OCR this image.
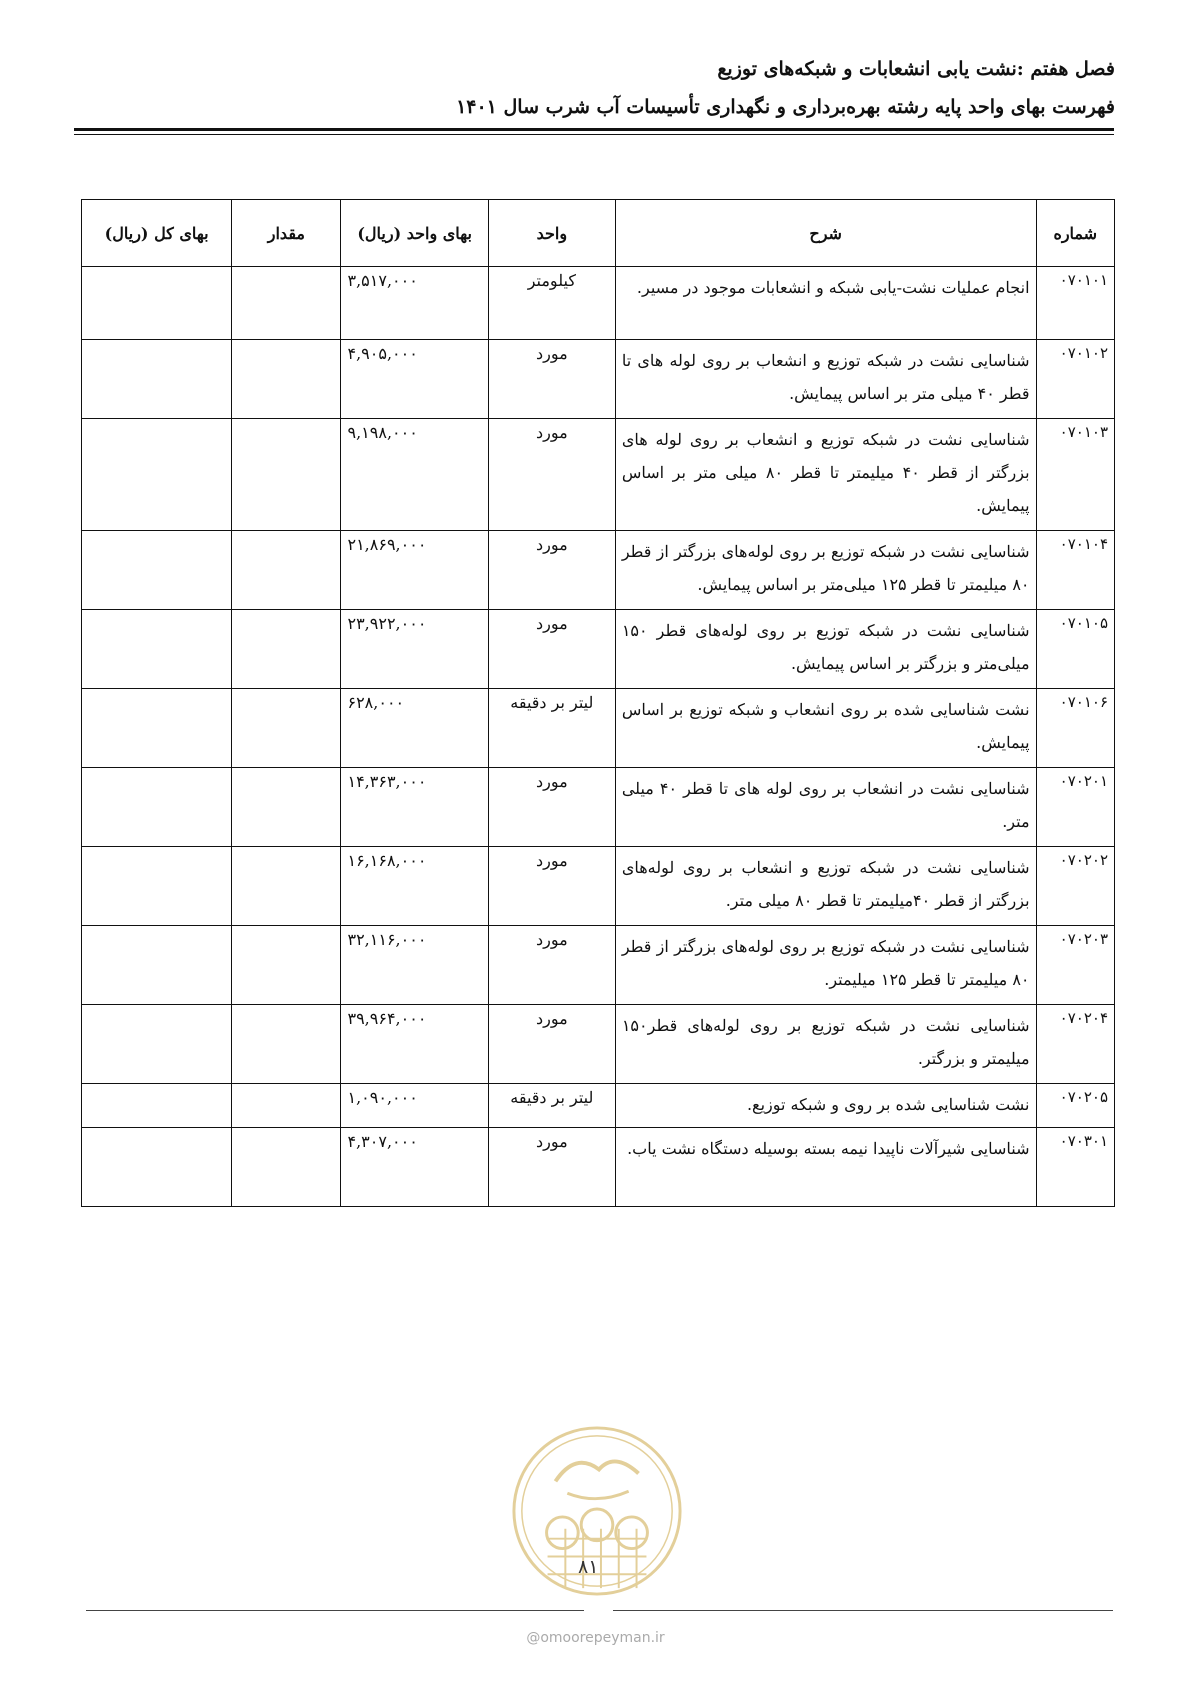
فصل هفتم :نشت یابی انشعابات و شبکه‌های توزیع
فهرست بهای واحد پایه رشته بهره‌برداری و نگهداری تأسیسات آب شرب سال ۱۴۰۱
شماره	شرح	واحد	بهای واحد (ریال)	مقدار	بهای کل (ریال)
۰۷۰۱۰۱	انجام عملیات نشت‌-‌یابی شبکه و انشعابات موجود در مسیر.	کیلومتر	۳,۵۱۷,۰۰۰		
۰۷۰۱۰۲	شناسایی نشت در شبکه توزیع و انشعاب بر روی لوله های تا قطر ۴۰ میلی متر بر اساس پیمایش.	مورد	۴,۹۰۵,۰۰۰		
۰۷۰۱۰۳	شناسایی نشت در شبکه توزیع و انشعاب بر روی لوله های بزرگتر از قطر ۴۰ میلیمتر تا قطر ۸۰ میلی متر بر اساس پیمایش.	مورد	۹,۱۹۸,۰۰۰		
۰۷۰۱۰۴	شناسایی نشت در شبکه توزیع بر روی لوله‌های بزرگتر از قطر ۸۰ میلیمتر تا قطر ۱۲۵ میلی‌متر بر اساس پیمایش.	مورد	۲۱,۸۶۹,۰۰۰		
۰۷۰۱۰۵	شناسایی نشت در شبکه توزیع بر روی لوله‌های قطر ۱۵۰ میلی‌متر و بزرگتر بر اساس پیمایش.	مورد	۲۳,۹۲۲,۰۰۰		
۰۷۰۱۰۶	نشت شناسایی شده بر روی انشعاب و شبکه توزیع بر اساس پیمایش.	لیتر بر دقیقه	۶۲۸,۰۰۰		
۰۷۰۲۰۱	شناسایی نشت در انشعاب بر روی لوله های تا قطر ۴۰ میلی متر.	مورد	۱۴,۳۶۳,۰۰۰		
۰۷۰۲۰۲	شناسایی نشت در شبکه توزیع و انشعاب بر روی لوله‌های بزرگتر از قطر ۴۰میلیمتر تا قطر ۸۰ میلی متر.	مورد	۱۶,۱۶۸,۰۰۰		
۰۷۰۲۰۳	شناسایی نشت در شبکه توزیع بر روی لوله‌های بزرگتر از قطر ۸۰ میلیمتر تا قطر ۱۲۵ میلیمتر.	مورد	۳۲,۱۱۶,۰۰۰		
۰۷۰۲۰۴	شناسایی نشت در شبکه توزیع بر روی لوله‌های قطر۱۵۰ میلیمتر و بزرگتر.	مورد	۳۹,۹۶۴,۰۰۰		
۰۷۰۲۰۵	نشت شناسایی شده بر روی و شبکه توزیع.	لیتر بر دقیقه	۱,۰۹۰,۰۰۰		
۰۷۰۳۰۱	شناسایی شیرآلات ناپیدا نیمه بسته بوسیله دستگاه نشت یاب.	مورد	۴,۳۰۷,۰۰۰		
۸۱
@omoorepeyman.ir
